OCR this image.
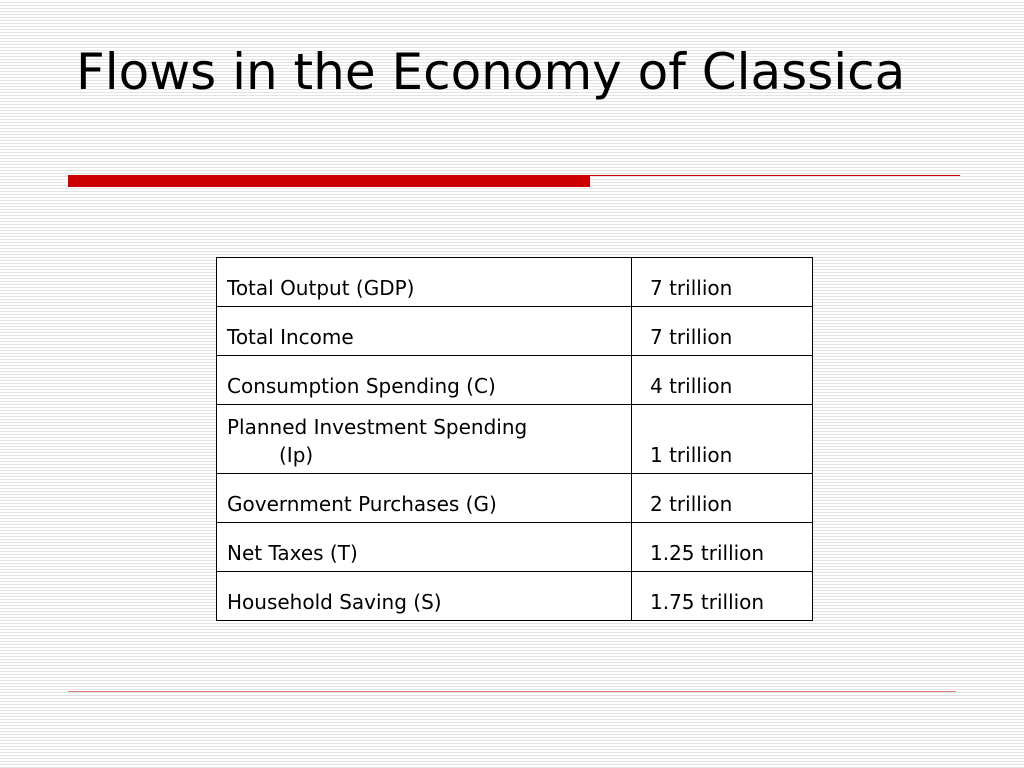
Flows in the Economy of Classica
Total Output (GDP)	7 trillion
Total Income	7 trillion
Consumption Spending (C)	4 trillion
Planned Investment Spending
(Ip)	1 trillion
Government Purchases (G)	2 trillion
Net Taxes (T)	1.25 trillion
Household Saving (S)	1.75 trillion
